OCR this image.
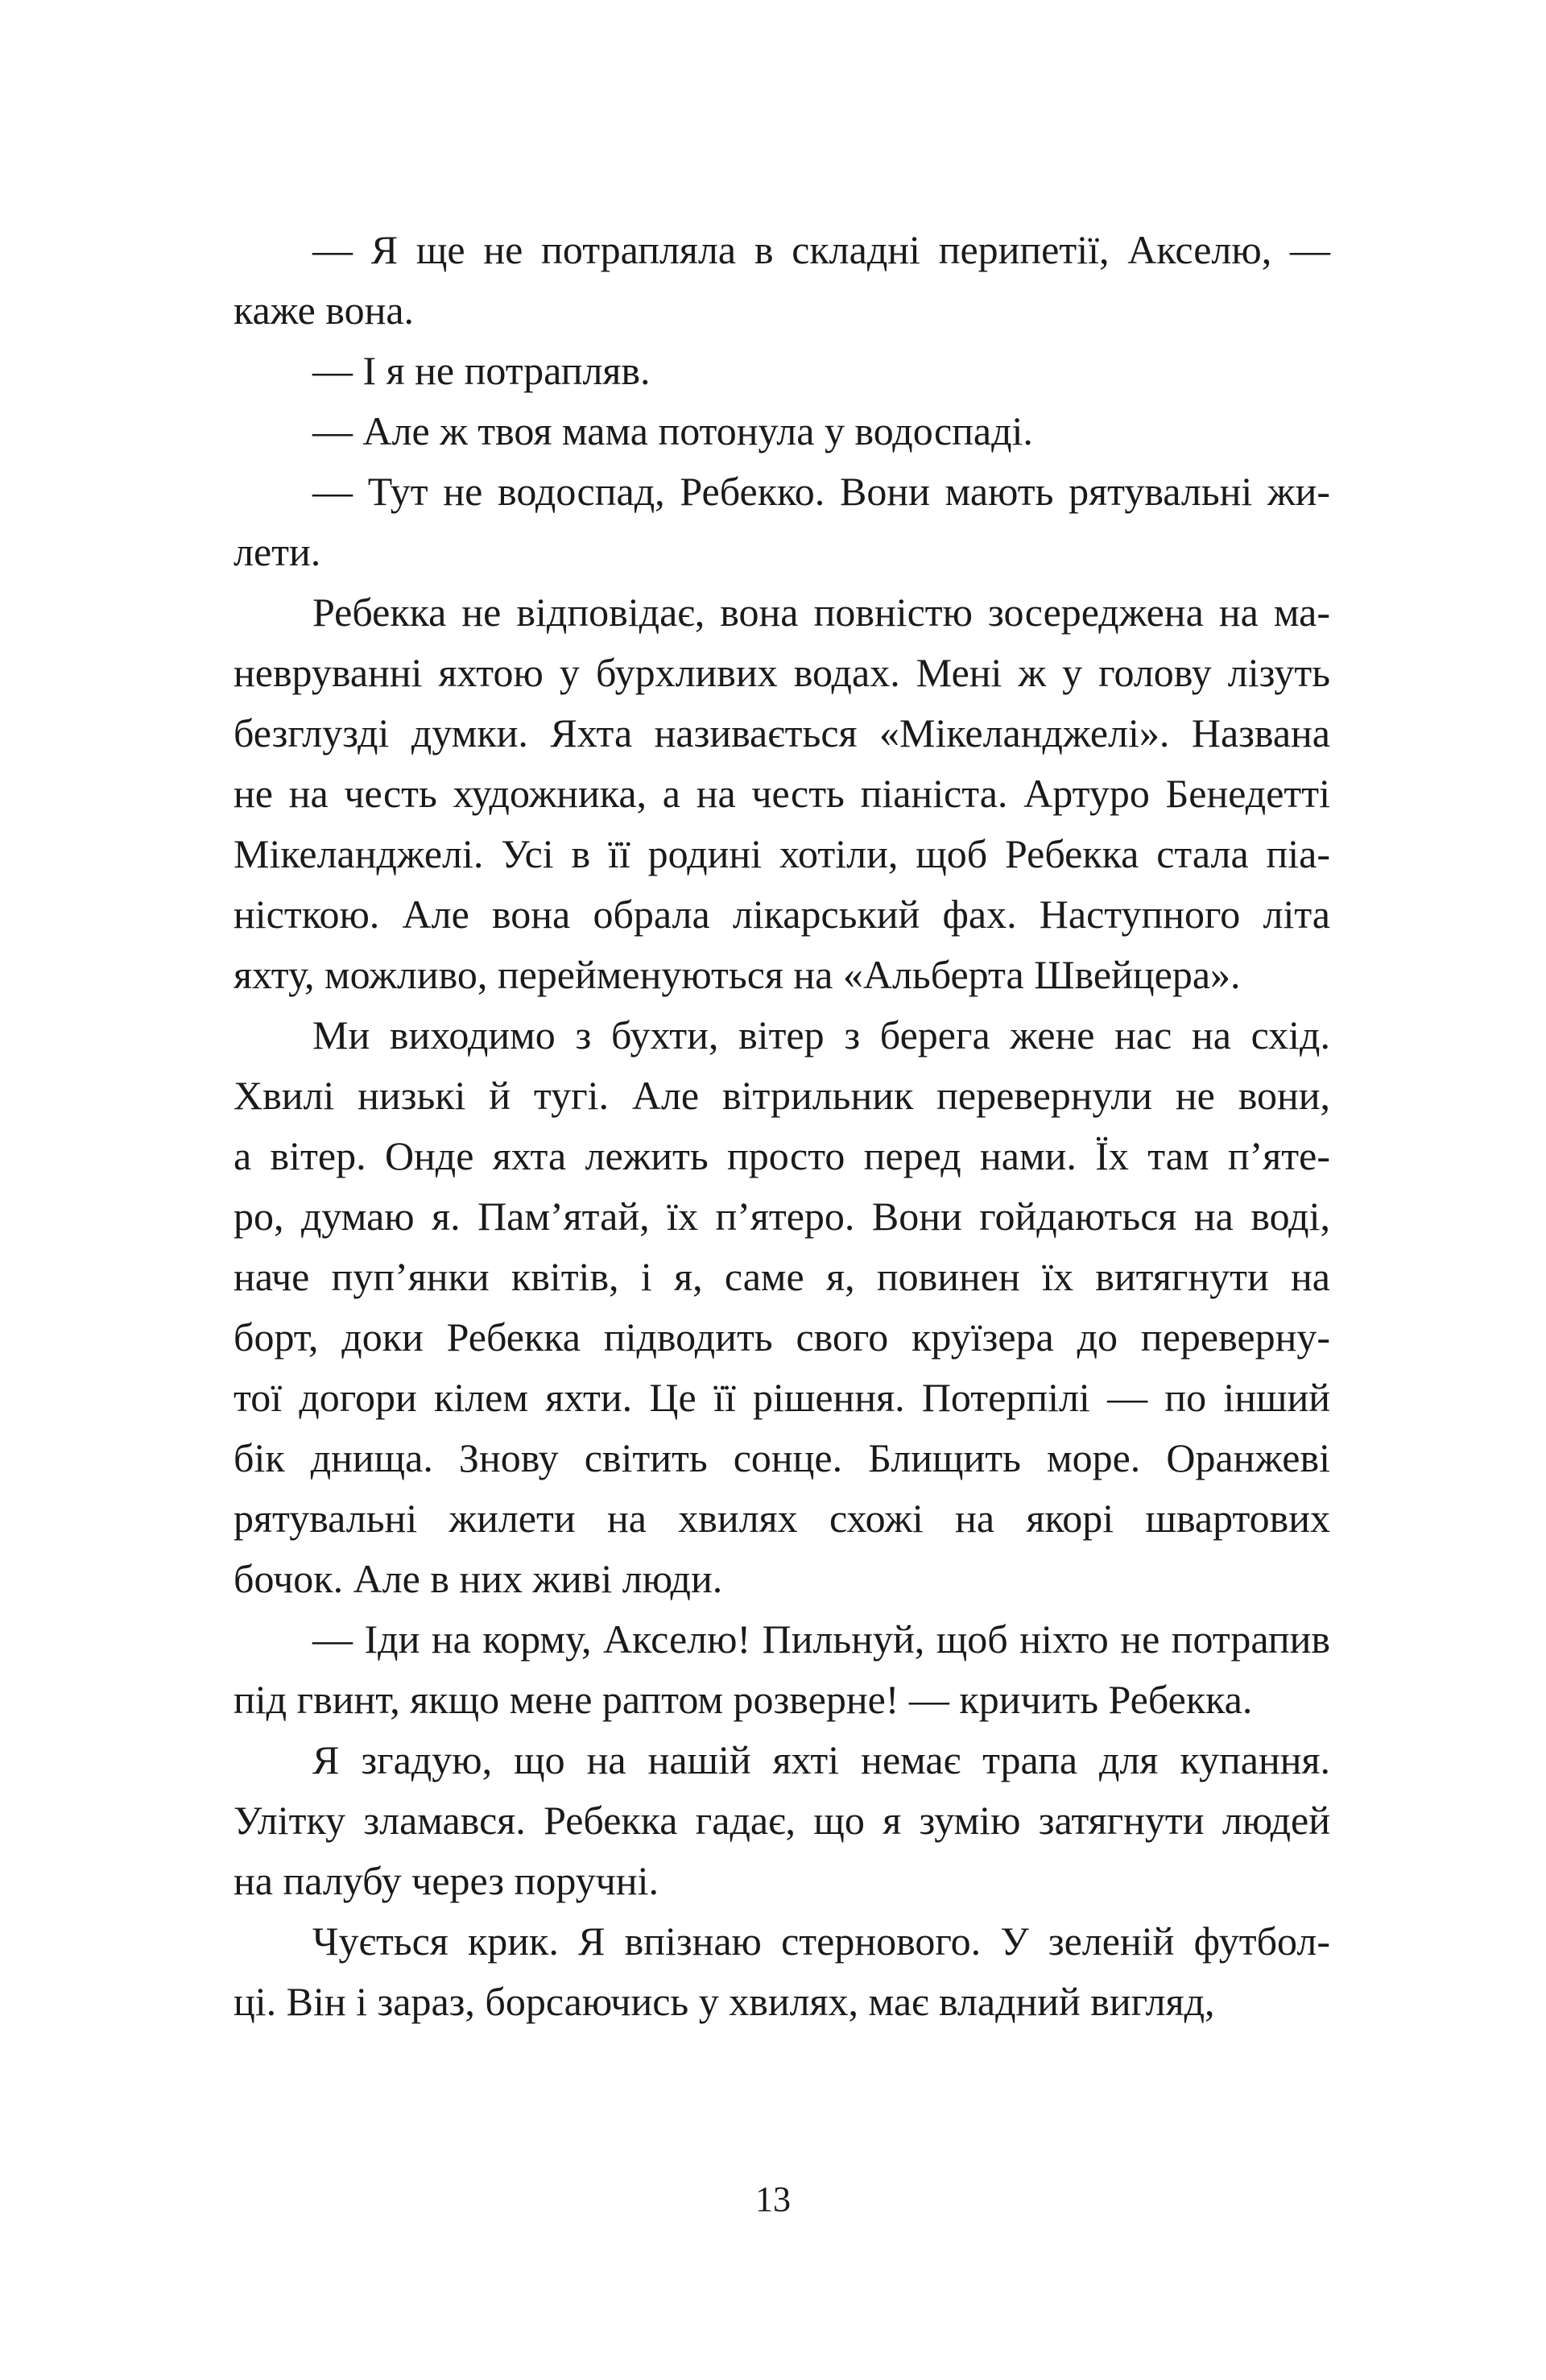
— Я ще не потрапляла в складні перипетії, Акселю, —
каже вона.
— І я не потрапляв.
— Але ж твоя мама потонула у водоспаді.
— Тут не водоспад, Ребекко. Вони мають рятувальні жи-
лети.
Ребекка не відповідає, вона повністю зосереджена на ма-
невруванні яхтою у бурхливих водах. Мені ж у голову лізуть
безглузді думки. Яхта називається «Мікеланджелі». Названа
не на честь художника, а на честь піаніста. Артуро Бенедетті
Мікеланджелі. Усі в її родині хотіли, щоб Ребекка стала піа-
ністкою. Але вона обрала лікарський фах. Наступного літа
яхту, можливо, перейменуються на «Альберта Швейцера».
Ми виходимо з бухти, вітер з берега жене нас на схід.
Хвилі низькі й тугі. Але вітрильник перевернули не вони,
а вітер. Онде яхта лежить просто перед нами. Їх там п’яте-
ро, думаю я. Пам’ятай, їх п’ятеро. Вони гойдаються на воді,
наче пуп’янки квітів, і я, саме я, повинен їх витягнути на
борт, доки Ребекка підводить свого круїзера до переверну-
тої догори кілем яхти. Це її рішення. Потерпілі — по інший
бік днища. Знову світить сонце. Блищить море. Оранжеві
рятувальні жилети на хвилях схожі на якорі швартових
бочок. Але в них живі люди.
— Іди на корму, Акселю! Пильнуй, щоб ніхто не потрапив
під гвинт, якщо мене раптом розверне! — кричить Ребекка.
Я згадую, що на нашій яхті немає трапа для купання.
Улітку зламався. Ребекка гадає, що я зумію затягнути людей
на палубу через поручні.
Чується крик. Я впізнаю стернового. У зеленій футбол-
ці. Він і зараз, борсаючись у хвилях, має владний вигляд,
13
